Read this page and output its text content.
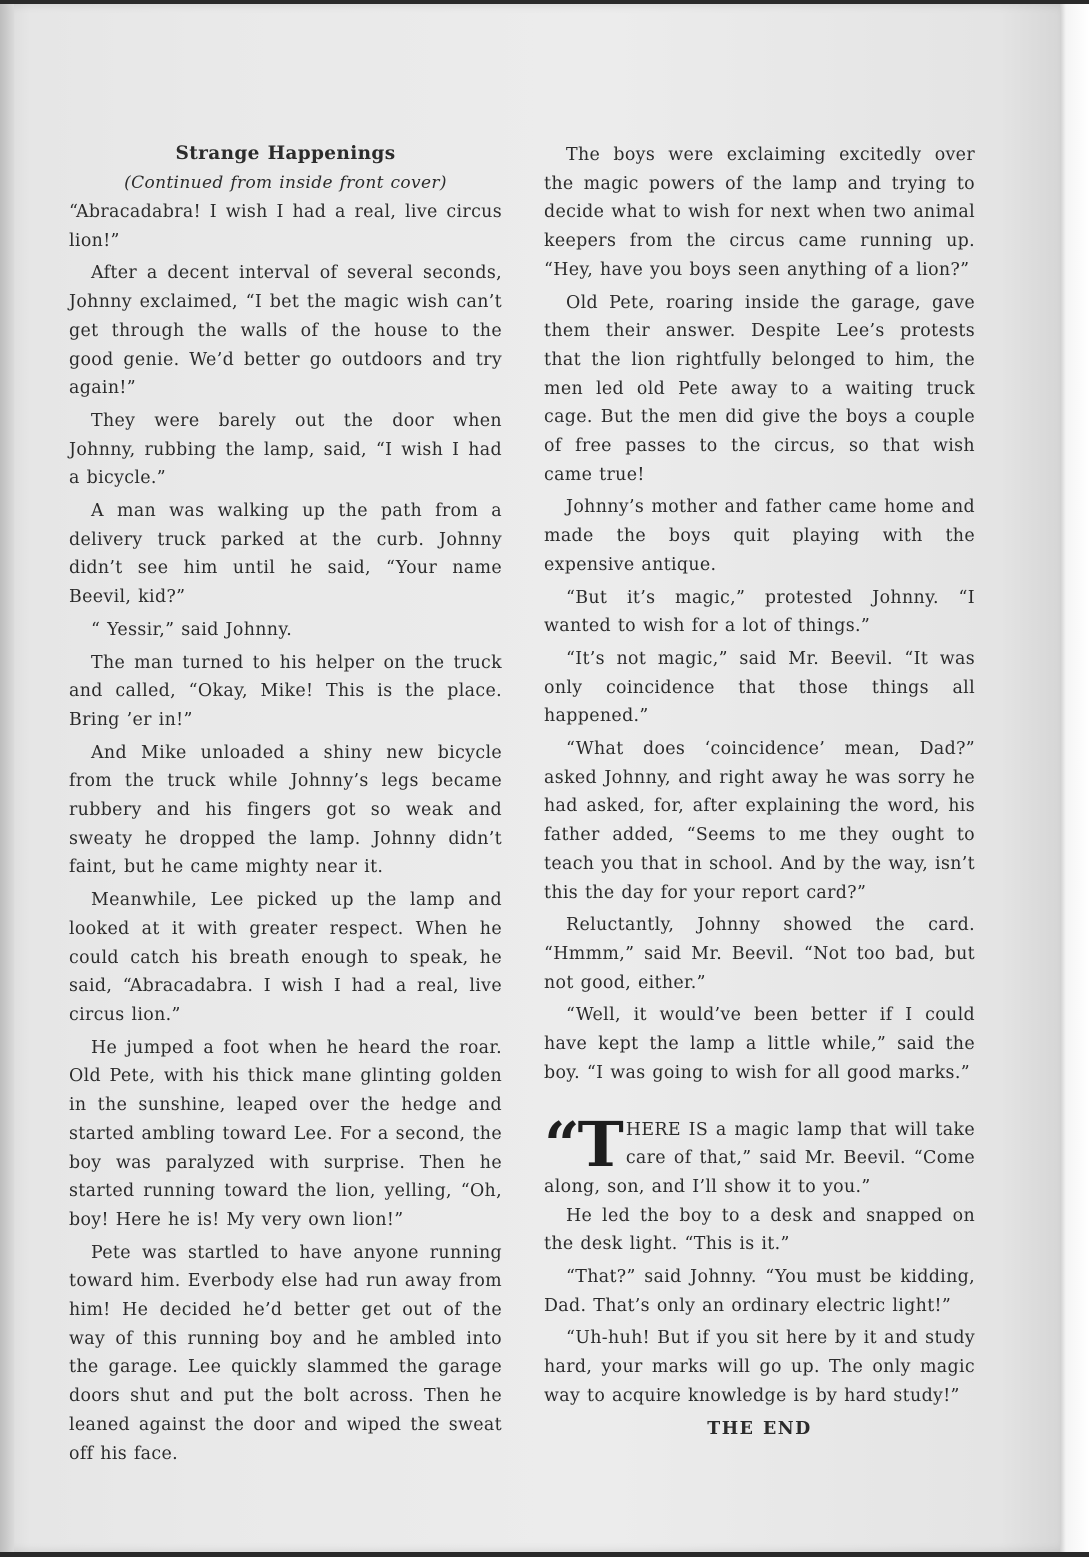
Strange Happenings

(Continued from inside front cover)

“Abracadabra! I wish I had a real, live circus lion!”

After a decent interval of several seconds, Johnny exclaimed, “I bet the magic wish can’t get through the walls of the house to the good genie. We’d better go outdoors and try again!”

They were barely out the door when Johnny, rubbing the lamp, said, “I wish I had a bicycle.”

A man was walking up the path from a delivery truck parked at the curb. Johnny didn’t see him until he said, “Your name Beevil, kid?”

“ Yessir,” said Johnny.

The man turned to his helper on the truck and called, “Okay, Mike! This is the place. Bring ’er in!”

And Mike unloaded a shiny new bicycle from the truck while Johnny’s legs became rubbery and his fingers got so weak and sweaty he dropped the lamp. Johnny didn’t faint, but he came mighty near it.

Meanwhile, Lee picked up the lamp and looked at it with greater respect. When he could catch his breath enough to speak, he said, “Abracadabra. I wish I had a real, live circus lion.”

He jumped a foot when he heard the roar. Old Pete, with his thick mane glinting golden in the sunshine, leaped over the hedge and started ambling toward Lee. For a second, the boy was paralyzed with surprise. Then he started running toward the lion, yelling, “Oh, boy! Here he is! My very own lion!”

Pete was startled to have anyone running toward him. Everbody else had run away from him! He decided he’d better get out of the way of this running boy and he ambled into the garage. Lee quickly slammed the garage doors shut and put the bolt across. Then he leaned against the door and wiped the sweat off his face.

The boys were exclaiming excitedly over the magic powers of the lamp and trying to decide what to wish for next when two animal keepers from the circus came running up. “Hey, have you boys seen anything of a lion?”

Old Pete, roaring inside the garage, gave them their answer. Despite Lee’s protests that the lion rightfully belonged to him, the men led old Pete away to a waiting truck cage. But the men did give the boys a couple of free passes to the circus, so that wish came true!

Johnny’s mother and father came home and made the boys quit playing with the expensive antique.

“But it’s magic,” protested Johnny. “I wanted to wish for a lot of things.”

“It’s not magic,” said Mr. Beevil. “It was only coincidence that those things all happened.”

“What does ‘coincidence’ mean, Dad?” asked Johnny, and right away he was sorry he had asked, for, after explaining the word, his father added, “Seems to me they ought to teach you that in school. And by the way, isn’t this the day for your report card?”

Reluctantly, Johnny showed the card. “Hmmm,” said Mr. Beevil. “Not too bad, but not good, either.”

“Well, it would’ve been better if I could have kept the lamp a little while,” said the boy. “I was going to wish for all good marks.”

“THERE IS a magic lamp that will take care of that,” said Mr. Beevil. “Come along, son, and I’ll show it to you.”

He led the boy to a desk and snapped on the desk light. “This is it.”

“That?” said Johnny. “You must be kidding, Dad. That’s only an ordinary electric light!”

“Uh-huh! But if you sit here by it and study hard, your marks will go up. The only magic way to acquire knowledge is by hard study!”

THE END
